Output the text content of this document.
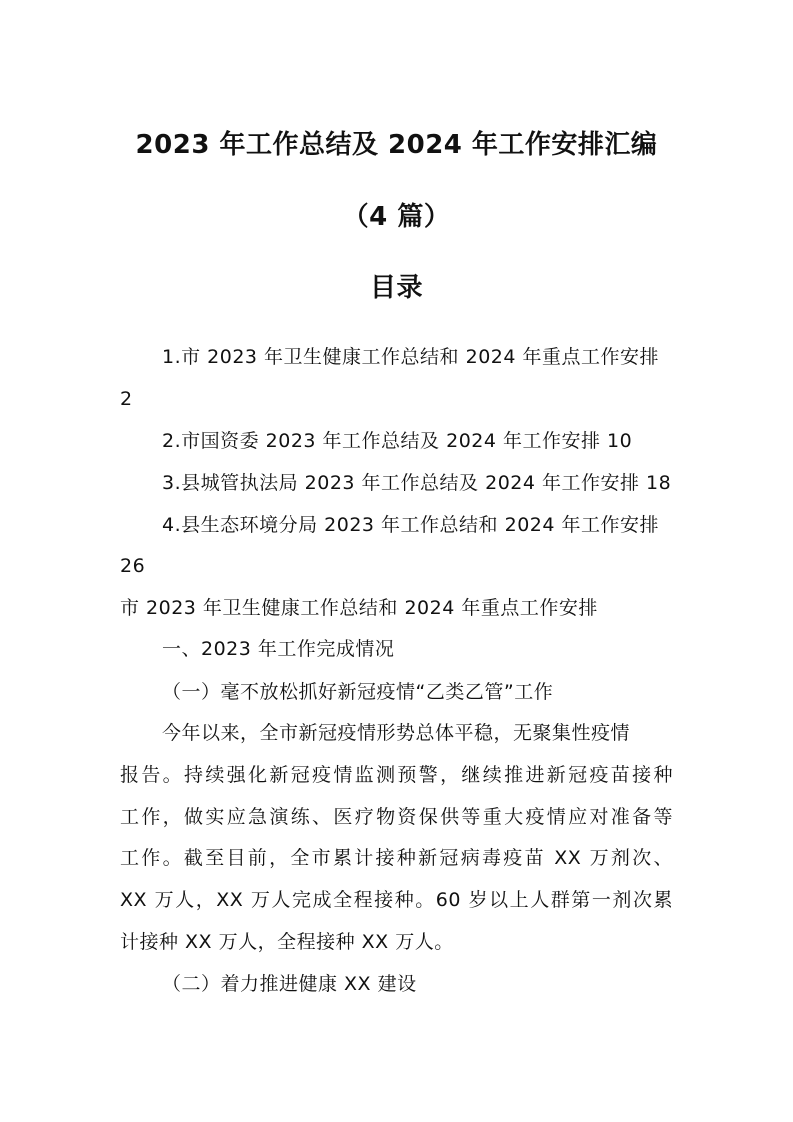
2023 年工作总结及 2024 年工作安排汇编
（4 篇）
目录
1.市 2023 年卫生健康工作总结和 2024 年重点工作安排
2
2.市国资委 2023 年工作总结及 2024 年工作安排 10
3.县城管执法局 2023 年工作总结及 2024 年工作安排 18
4.县生态环境分局 2023 年工作总结和 2024 年工作安排
26
市 2023 年卫生健康工作总结和 2024 年重点工作安排
一、2023 年工作完成情况
（一）毫不放松抓好新冠疫情“乙类乙管”工作
今年以来，全市新冠疫情形势总体平稳，无聚集性疫情
报告。持续强化新冠疫情监测预警，继续推进新冠疫苗接种
工作，做实应急演练、医疗物资保供等重大疫情应对准备等
工作。截至目前，全市累计接种新冠病毒疫苗 XX 万剂次、
XX 万人，XX 万人完成全程接种。60 岁以上人群第一剂次累
计接种 XX 万人，全程接种 XX 万人。
（二）着力推进健康 XX 建设
